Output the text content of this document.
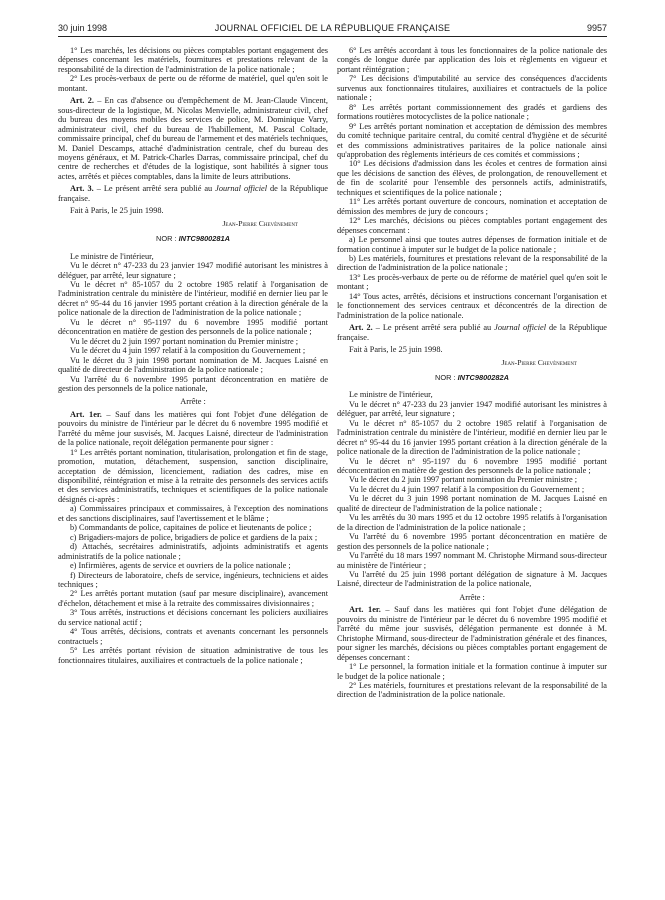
30 juin 1998	JOURNAL OFFICIEL DE LA RÉPUBLIQUE FRANÇAISE	9957

1° Les marchés, les décisions ou pièces comptables portant engagement des dépenses concernant les matériels, fournitures et prestations relevant de la responsabilité de la direction de l'administration de la police nationale ;

2° Les procès-verbaux de perte ou de réforme de matériel, quel qu'en soit le montant.

Art. 2. – En cas d'absence ou d'empêchement de M. Jean-Claude Vincent, sous-directeur de la logistique, M. Nicolas Menvielle, administrateur civil, chef du bureau des moyens mobiles des services de police, M. Dominique Varry, administrateur civil, chef du bureau de l'habillement, M. Pascal Coltade, commissaire principal, chef du bureau de l'armement et des matériels techniques, M. Daniel Descamps, attaché d'administration centrale, chef du bureau des moyens généraux, et M. Patrick-Charles Darras, commissaire principal, chef du centre de recherches et d'études de la logistique, sont habilités à signer tous actes, arrêtés et pièces comptables, dans la limite de leurs attributions.

Art. 3. – Le présent arrêté sera publié au Journal officiel de la République française.

Fait à Paris, le 25 juin 1998.

Jean-Pierre Chevènement

NOR : INTC9800281A

Le ministre de l'intérieur,

Vu le décret n° 47-233 du 23 janvier 1947 modifié autorisant les ministres à déléguer, par arrêté, leur signature ;

Vu le décret n° 85-1057 du 2 octobre 1985 relatif à l'organisation de l'administration centrale du ministère de l'intérieur, modifié en dernier lieu par le décret n° 95-44 du 16 janvier 1995 portant création à la direction générale de la police nationale de la direction de l'administration de la police nationale ;

Vu le décret n° 95-1197 du 6 novembre 1995 modifié portant déconcentration en matière de gestion des personnels de la police nationale ;

Vu le décret du 2 juin 1997 portant nomination du Premier ministre ;

Vu le décret du 4 juin 1997 relatif à la composition du Gouvernement ;

Vu le décret du 3 juin 1998 portant nomination de M. Jacques Laisné en qualité de directeur de l'administration de la police nationale ;

Vu l'arrêté du 6 novembre 1995 portant déconcentration en matière de gestion des personnels de la police nationale,

Arrête :

Art. 1er. – Sauf dans les matières qui font l'objet d'une délégation de pouvoirs du ministre de l'intérieur par le décret du 6 novembre 1995 modifié et l'arrêté du même jour susvisés, M. Jacques Laisné, directeur de l'administration de la police nationale, reçoit délégation permanente pour signer :

1° Les arrêtés portant nomination, titularisation, prolongation et fin de stage, promotion, mutation, détachement, suspension, sanction disciplinaire, acceptation de démission, licenciement, radiation des cadres, mise en disponibilité, réintégration et mise à la retraite des personnels des services actifs et des services administratifs, techniques et scientifiques de la police nationale désignés ci-après :

a) Commissaires principaux et commissaires, à l'exception des nominations et des sanctions disciplinaires, sauf l'avertissement et le blâme ;

b) Commandants de police, capitaines de police et lieutenants de police ;

c) Brigadiers-majors de police, brigadiers de police et gardiens de la paix ;

d) Attachés, secrétaires administratifs, adjoints administratifs et agents administratifs de la police nationale ;

e) Infirmières, agents de service et ouvriers de la police nationale ;

f) Directeurs de laboratoire, chefs de service, ingénieurs, techniciens et aides techniques ;

2° Les arrêtés portant mutation (sauf par mesure disciplinaire), avancement d'échelon, détachement et mise à la retraite des commissaires divisionnaires ;

3° Tous arrêtés, instructions et décisions concernant les policiers auxiliaires du service national actif ;

4° Tous arrêtés, décisions, contrats et avenants concernant les personnels contractuels ;

5° Les arrêtés portant révision de situation administrative de tous les fonctionnaires titulaires, auxiliaires et contractuels de la police nationale ;

6° Les arrêtés accordant à tous les fonctionnaires de la police nationale des congés de longue durée par application des lois et règlements en vigueur et portant réintégration ;

7° Les décisions d'imputabilité au service des conséquences d'accidents survenus aux fonctionnaires titulaires, auxiliaires et contractuels de la police nationale ;

8° Les arrêtés portant commissionnement des gradés et gardiens des formations routières motocyclistes de la police nationale ;

9° Les arrêtés portant nomination et acceptation de démission des membres du comité technique paritaire central, du comité central d'hygiène et de sécurité et des commissions administratives paritaires de la police nationale ainsi qu'approbation des règlements intérieurs de ces comités et commissions ;

10° Les décisions d'admission dans les écoles et centres de formation ainsi que les décisions de sanction des élèves, de prolongation, de renouvellement et de fin de scolarité pour l'ensemble des personnels actifs, administratifs, techniques et scientifiques de la police nationale ;

11° Les arrêtés portant ouverture de concours, nomination et acceptation de démission des membres de jury de concours ;

12° Les marchés, décisions ou pièces comptables portant engagement des dépenses concernant :

a) Le personnel ainsi que toutes autres dépenses de formation initiale et de formation continue à imputer sur le budget de la police nationale ;

b) Les matériels, fournitures et prestations relevant de la responsabilité de la direction de l'administration de la police nationale ;

13° Les procès-verbaux de perte ou de réforme de matériel quel qu'en soit le montant ;

14° Tous actes, arrêtés, décisions et instructions concernant l'organisation et le fonctionnement des services centraux et déconcentrés de la direction de l'administration de la police nationale.

Art. 2. – Le présent arrêté sera publié au Journal officiel de la République française.

Fait à Paris, le 25 juin 1998.

Jean-Pierre Chevènement

NOR : INTC9800282A

Le ministre de l'intérieur,

Vu le décret n° 47-233 du 23 janvier 1947 modifié autorisant les ministres à déléguer, par arrêté, leur signature ;

Vu le décret n° 85-1057 du 2 octobre 1985 relatif à l'organisation de l'administration centrale du ministère de l'intérieur, modifié en dernier lieu par le décret n° 95-44 du 16 janvier 1995 portant création à la direction générale de la police nationale de la direction de l'administration de la police nationale ;

Vu le décret n° 95-1197 du 6 novembre 1995 modifié portant déconcentration en matière de gestion des personnels de la police nationale ;

Vu le décret du 2 juin 1997 portant nomination du Premier ministre ;

Vu le décret du 4 juin 1997 relatif à la composition du Gouvernement ;

Vu le décret du 3 juin 1998 portant nomination de M. Jacques Laisné en qualité de directeur de l'administration de la police nationale ;

Vu les arrêtés du 30 mars 1995 et du 12 octobre 1995 relatifs à l'organisation de la direction de l'administration de la police nationale ;

Vu l'arrêté du 6 novembre 1995 portant déconcentration en matière de gestion des personnels de la police nationale ;

Vu l'arrêté du 18 mars 1997 nommant M. Christophe Mirmand sous-directeur au ministère de l'intérieur ;

Vu l'arrêté du 25 juin 1998 portant délégation de signature à M. Jacques Laisné, directeur de l'administration de la police nationale,

Arrête :

Art. 1er. – Sauf dans les matières qui font l'objet d'une délégation de pouvoirs du ministre de l'intérieur par le décret du 6 novembre 1995 modifié et l'arrêté du même jour susvisés, délégation permanente est donnée à M. Christophe Mirmand, sous-directeur de l'administration générale et des finances, pour signer les marchés, décisions ou pièces comptables portant engagement de dépenses concernant :

1° Le personnel, la formation initiale et la formation continue à imputer sur le budget de la police nationale ;

2° Les matériels, fournitures et prestations relevant de la responsabilité de la direction de l'administration de la police nationale.
